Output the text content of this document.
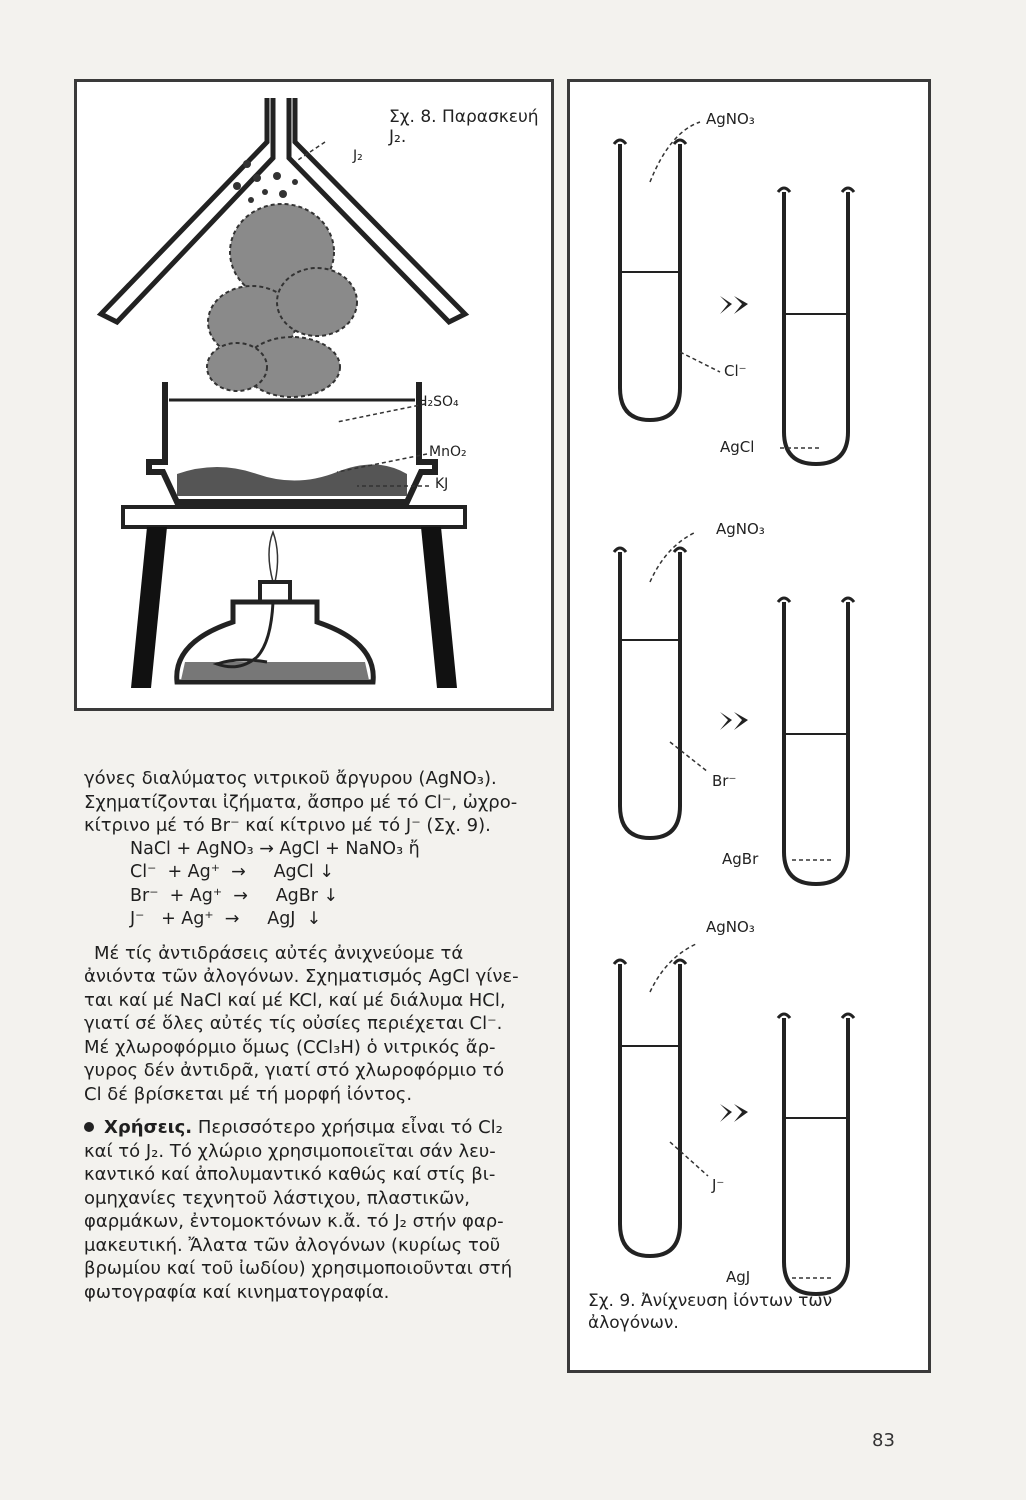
Σχ. 8. Παρασκευή J₂.
J₂
H₂SO₄
MnO₂
KJ
AgNO₃
Cl⁻
AgCl
AgNO₃
Br⁻
AgBr
AgNO₃
J⁻
AgJ
Σχ. 9. Ἀνίχνευση ἰόντων τῶν ἀλογόνων.

γόνες διαλύματος νιτρικοῦ ἄργυρου (AgNO₃).
Σχηματίζονται ἰζήματα, ἄσπρο μέ τό Cl⁻, ὠχρο-
κίτρινο μέ τό Br⁻ καί κίτρινο μέ τό J⁻ (Σχ. 9).

NaCl + AgNO₃ → AgCl + NaNO₃ ἤ
Cl⁻  + Ag⁺  →     AgCl ↓
Br⁻  + Ag⁺  →     AgBr ↓
J⁻   + Ag⁺  →     AgJ  ↓

Μέ τίς ἀντιδράσεις αὐτές ἀνιχνεύομε τά
ἀνιόντα τῶν ἀλογόνων. Σχηματισμός AgCl γίνε-
ται καί μέ NaCl καί μέ KCl, καί μέ διάλυμα HCl,
γιατί σέ ὅλες αὐτές τίς οὐσίες περιέχεται Cl⁻.
Μέ χλωροφόρμιο ὅμως (CCl₃H) ὁ νιτρικός ἄρ-
γυρος δέν ἀντιδρᾶ, γιατί στό χλωροφόρμιο τό
Cl δέ βρίσκεται μέ τή μορφή ἰόντος.

Χρήσεις. Περισσότερο χρήσιμα εἶναι τό Cl₂
καί τό J₂. Τό χλώριο χρησιμοποιεῖται σάν λευ-
καντικό καί ἀπολυμαντικό καθώς καί στίς βι-
ομηχανίες τεχνητοῦ λάστιχου, πλαστικῶν,
φαρμάκων, ἐντομοκτόνων κ.ἄ. τό J₂ στήν φαρ-
μακευτική. Ἄλατα τῶν ἀλογόνων (κυρίως τοῦ
βρωμίου καί τοῦ ἰωδίου) χρησιμοποιοῦνται στή
φωτογραφία καί κινηματογραφία.

83
